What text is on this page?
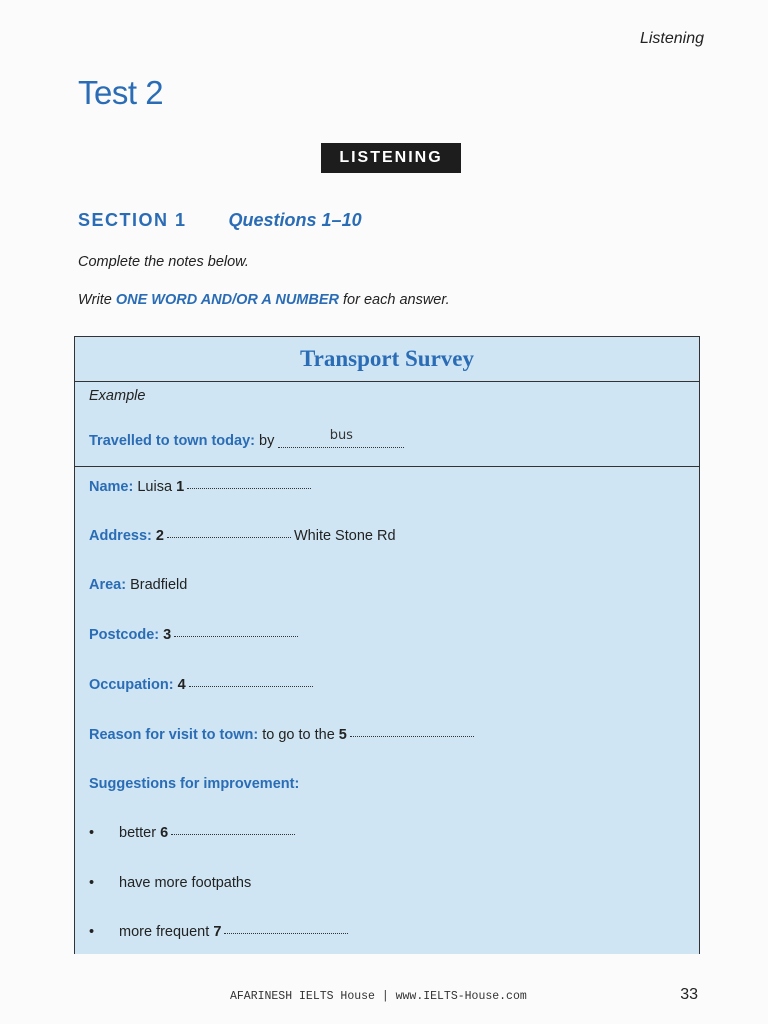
Listening
Test 2
LISTENING
SECTION 1 Questions 1–10
Complete the notes below.
Write ONE WORD AND/OR A NUMBER for each answer.
Transport Survey
Example
Travelled to town today:
by	bus
Name:
Luisa
1
Address:
2	White Stone Rd
Area:
Bradfield
Postcode:
3
Occupation:
4
Reason for visit to town:
to go to the
5
Suggestions for improvement:
•	better
6
•	have more footpaths
•	more frequent
7
AFARINESH IELTS House | www.IELTS-House.com	33
